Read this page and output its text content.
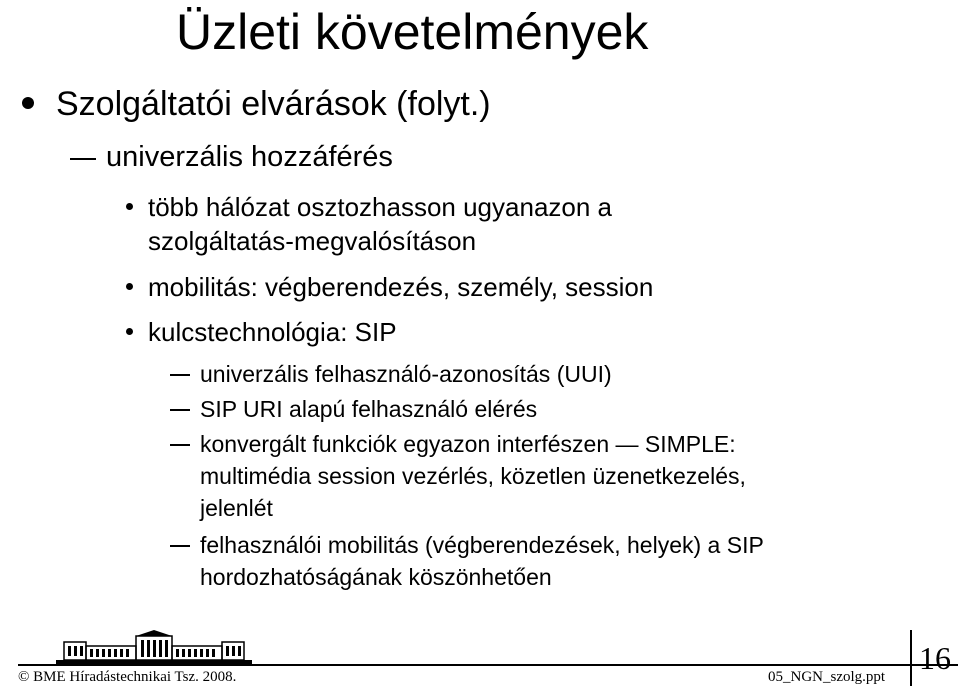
Üzleti követelmények
Szolgáltatói elvárások (folyt.)
univerzális hozzáférés
több hálózat osztozhasson ugyanazon a
szolgáltatás-megvalósításon
mobilitás: végberendezés, személy, session
kulcstechnológia: SIP
univerzális felhasználó-azonosítás (UUI)
SIP URI alapú felhasználó elérés
konvergált funkciók egyazon interfészen — SIMPLE:
multimédia session vezérlés, közetlen üzenetkezelés,
jelenlét
felhasználói mobilitás (végberendezések, helyek) a SIP
hordozhatóságának köszönhetően
© BME Híradástechnikai Tsz. 2008.	05_NGN_szolg.ppt
16
